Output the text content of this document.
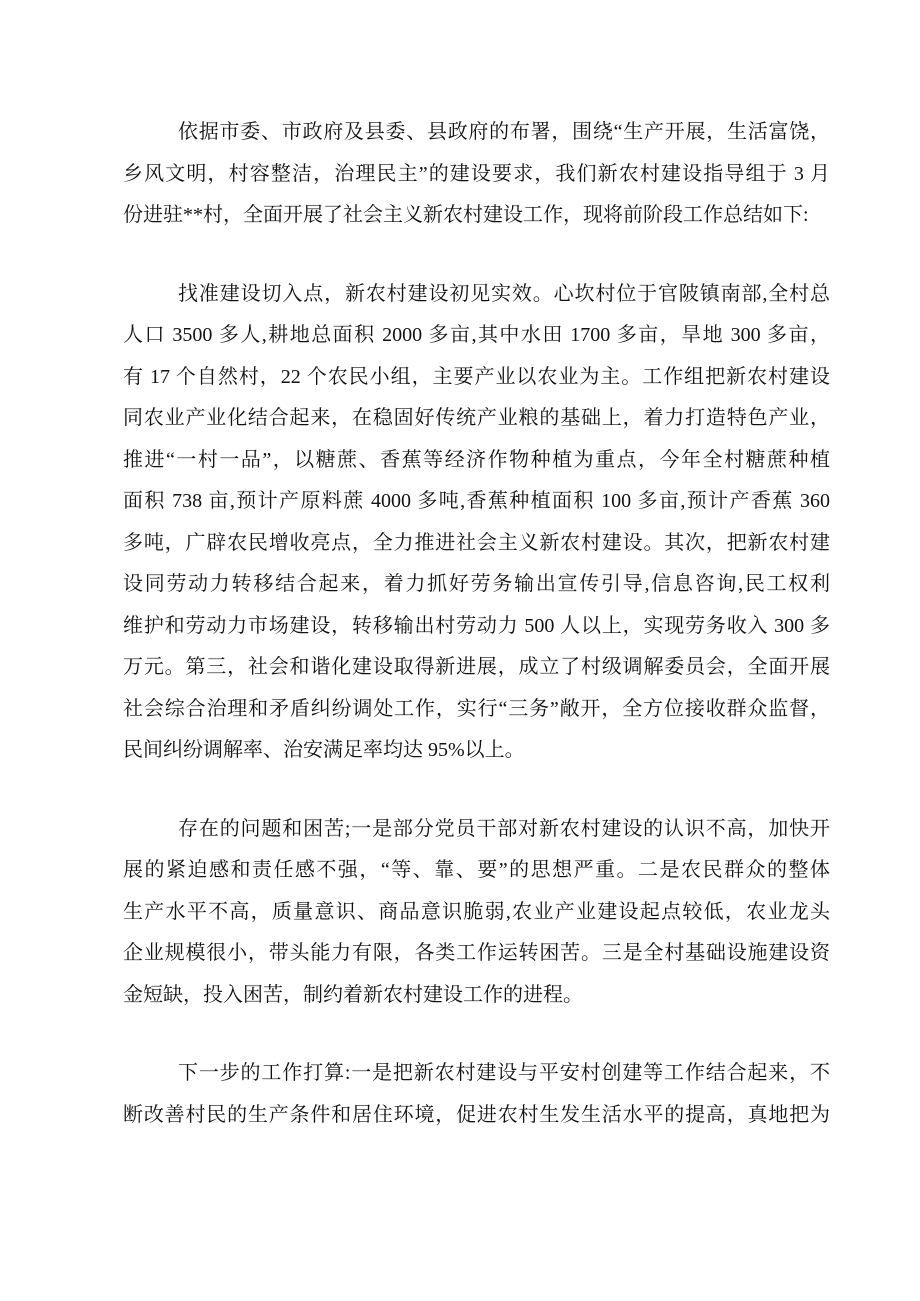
依据市委、市政府及县委、县政府的布署，围绕“生产开展，生活富饶，
乡风文明，村容整洁，治理民主”的建设要求，我们新农村建设指导组于 3 月
份进驻**村，全面开展了社会主义新农村建设工作，现将前阶段工作总结如下:
找准建设切入点，新农村建设初见实效。心坎村位于官陂镇南部,全村总
人口 3500 多人,耕地总面积 2000 多亩,其中水田 1700 多亩，旱地 300 多亩，
有 17 个自然村，22 个农民小组，主要产业以农业为主。工作组把新农村建设
同农业产业化结合起来，在稳固好传统产业粮的基础上，着力打造特色产业，
推进“一村一品”，以糖蔗、香蕉等经济作物种植为重点，今年全村糖蔗种植
面积 738 亩,预计产原料蔗 4000 多吨,香蕉种植面积 100 多亩,预计产香蕉 360
多吨，广辟农民增收亮点，全力推进社会主义新农村建设。其次，把新农村建
设同劳动力转移结合起来，着力抓好劳务输出宣传引导,信息咨询,民工权利
维护和劳动力市场建设，转移输出村劳动力 500 人以上，实现劳务收入 300 多
万元。第三，社会和谐化建设取得新进展，成立了村级调解委员会，全面开展
社会综合治理和矛盾纠纷调处工作，实行“三务”敞开，全方位接收群众监督，
民间纠纷调解率、治安满足率均达 95%以上。
存在的问题和困苦;一是部分党员干部对新农村建设的认识不高，加快开
展的紧迫感和责任感不强，“等、靠、要”的思想严重。二是农民群众的整体
生产水平不高，质量意识、商品意识脆弱,农业产业建设起点较低，农业龙头
企业规模很小，带头能力有限，各类工作运转困苦。三是全村基础设施建设资
金短缺，投入困苦，制约着新农村建设工作的进程。
下一步的工作打算:一是把新农村建设与平安村创建等工作结合起来，不
断改善村民的生产条件和居住环境，促进农村生发生活水平的提高，真地把为
